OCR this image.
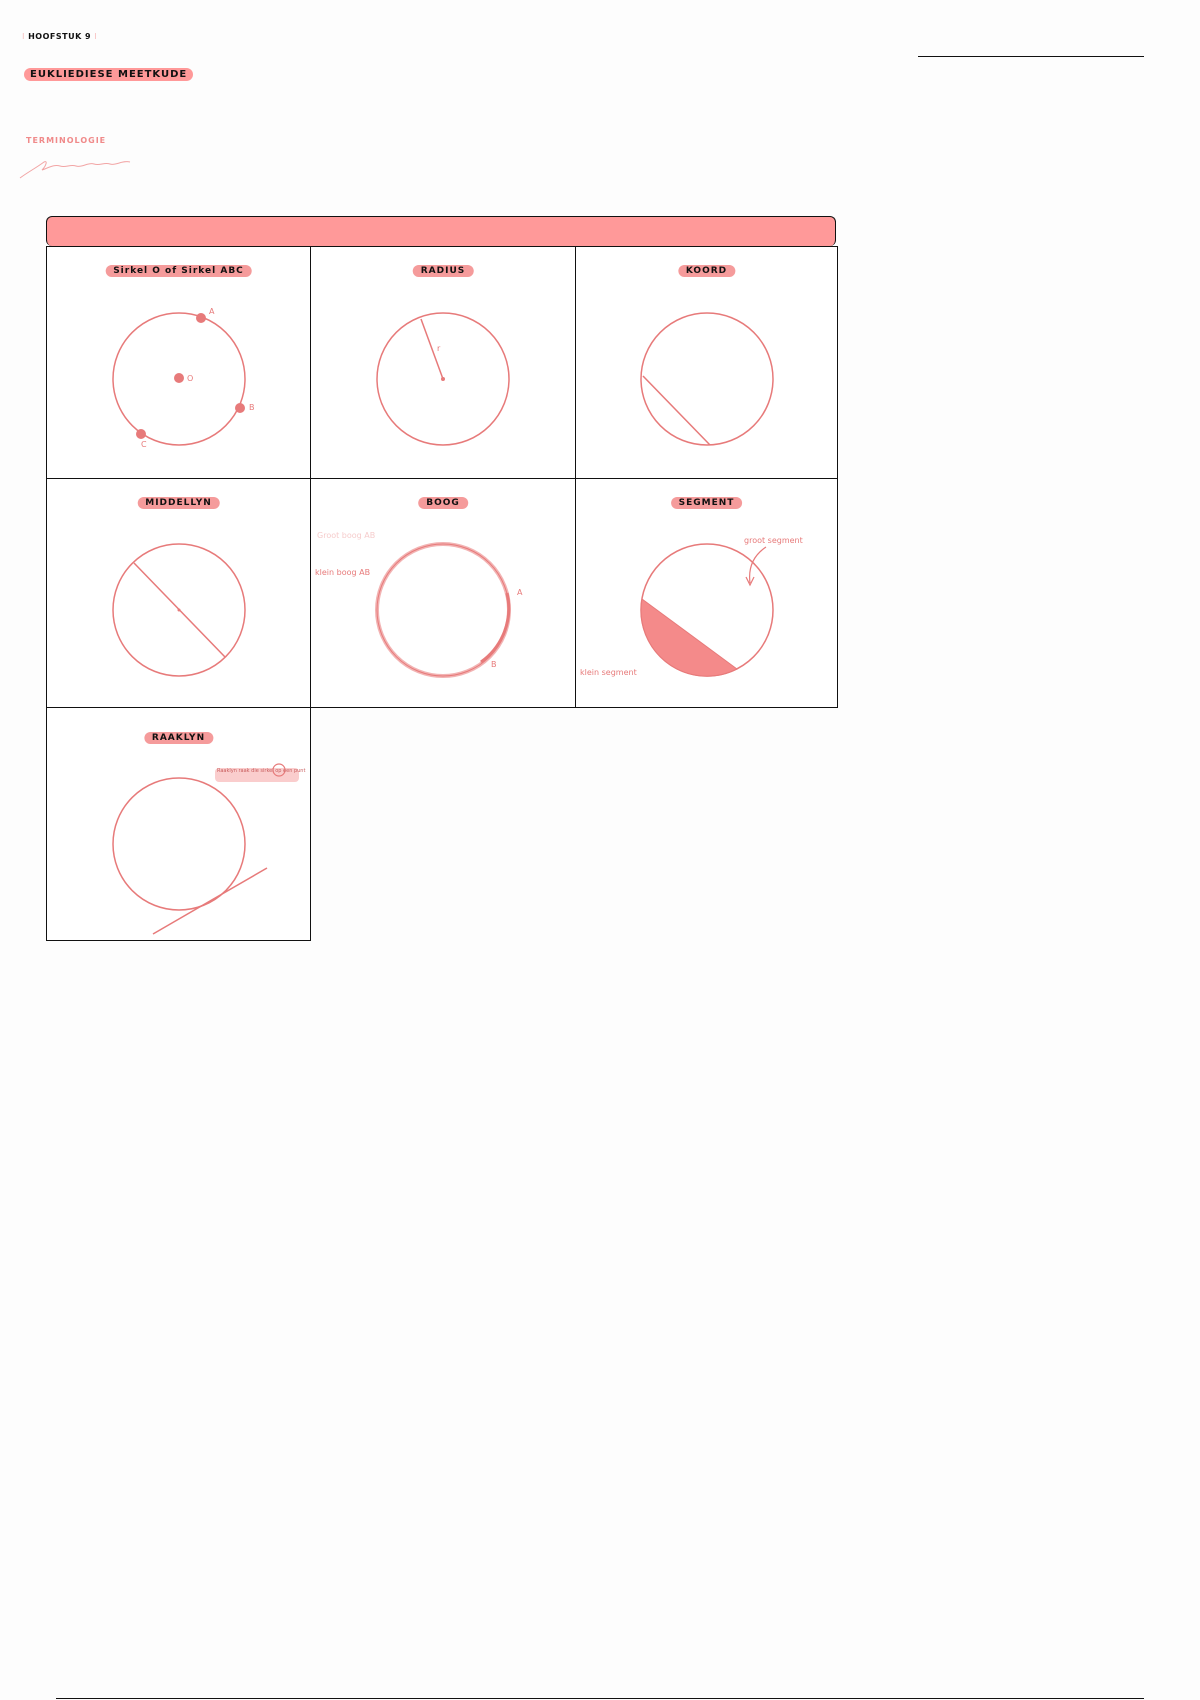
⁝ HOOFSTUK 9 ⁝
EUKLIEDIESE MEETKUDE
TERMINOLOGIE
Sirkel O of Sirkel ABC
A
O
B
C
RADIUS
r
KOORD
MIDDELLYN	BOOG
Groot boog AB
klein boog AB
A
B
SEGMENT
groot segment
klein segment
RAAKLYN
Raaklyn raak die sirkel op een punt
